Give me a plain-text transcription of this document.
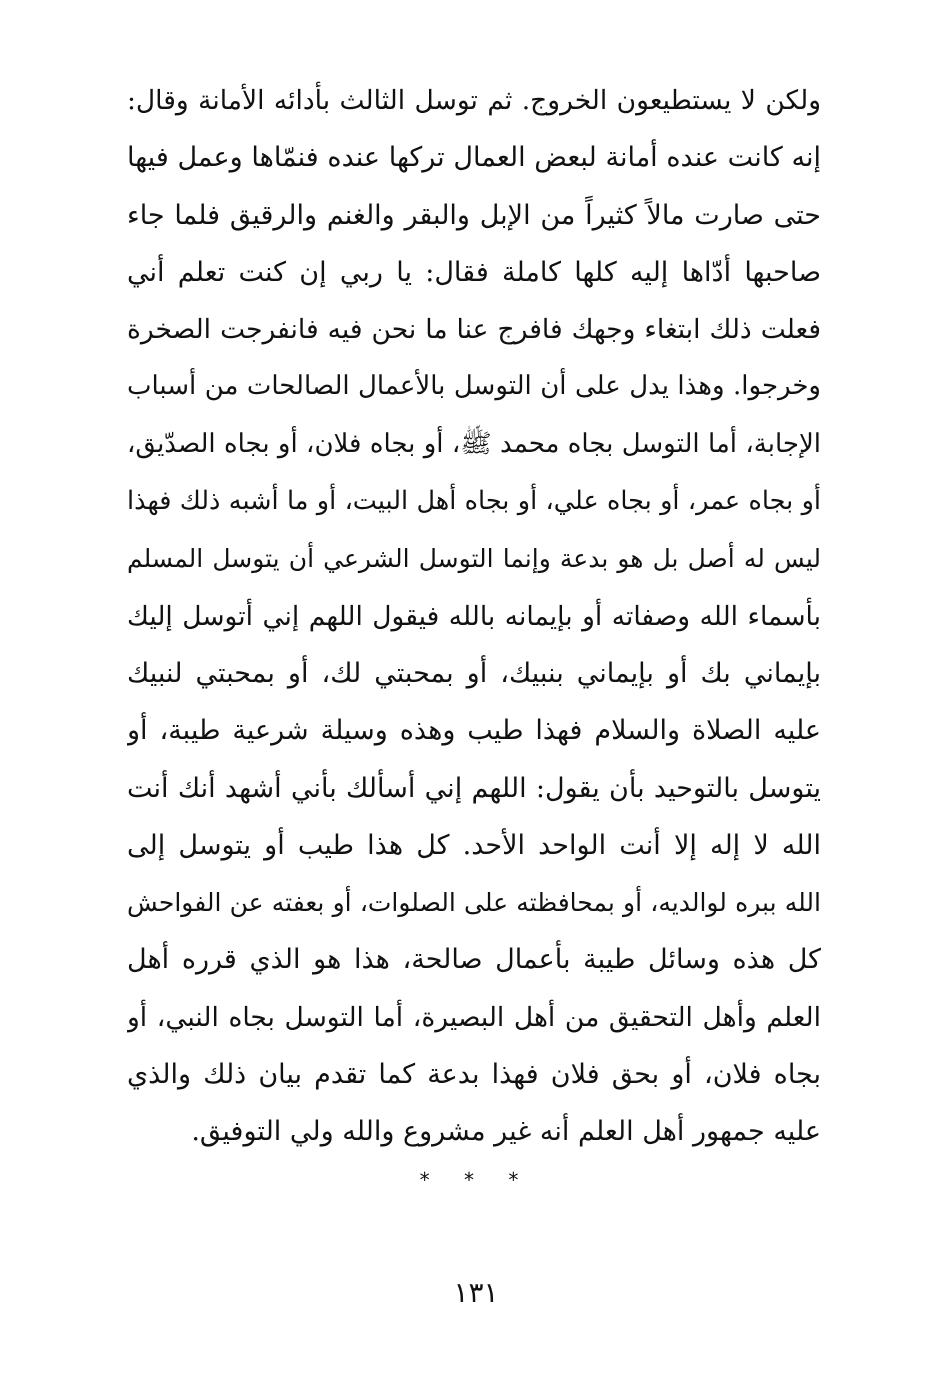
ولكن لا يستطيعون الخروج. ثم توسل الثالث بأدائه الأمانة وقال:
إنه كانت عنده أمانة لبعض العمال تركها عنده فنمّاها وعمل فيها
حتى صارت مالاً كثيراً من الإبل والبقر والغنم والرقيق فلما جاء
صاحبها أدّاها إليه كلها كاملة فقال: يا ربي إن كنت تعلم أني
فعلت ذلك ابتغاء وجهك فافرج عنا ما نحن فيه فانفرجت الصخرة
وخرجوا. وهذا يدل على أن التوسل بالأعمال الصالحات من أسباب
الإجابة، أما التوسل بجاه محمد ﷺ، أو بجاه فلان، أو بجاه الصدّيق،
أو بجاه عمر، أو بجاه علي، أو بجاه أهل البيت، أو ما أشبه ذلك فهذا
ليس له أصل بل هو بدعة وإنما التوسل الشرعي أن يتوسل المسلم
بأسماء الله وصفاته أو بإيمانه بالله فيقول اللهم إني أتوسل إليك
بإيماني بك أو بإيماني بنبيك، أو بمحبتي لك، أو بمحبتي لنبيك
عليه الصلاة والسلام فهذا طيب وهذه وسيلة شرعية طيبة، أو
يتوسل بالتوحيد بأن يقول: اللهم إني أسألك بأني أشهد أنك أنت
الله لا إله إلا أنت الواحد الأحد. كل هذا طيب أو يتوسل إلى
الله ببره لوالديه، أو بمحافظته على الصلوات، أو بعفته عن الفواحش
كل هذه وسائل طيبة بأعمال صالحة، هذا هو الذي قرره أهل
العلم وأهل التحقيق من أهل البصيرة، أما التوسل بجاه النبي، أو
بجاه فلان، أو بحق فلان فهذا بدعة كما تقدم بيان ذلك والذي
عليه جمهور أهل العلم أنه غير مشروع والله ولي التوفيق.
* * *
١٣١
